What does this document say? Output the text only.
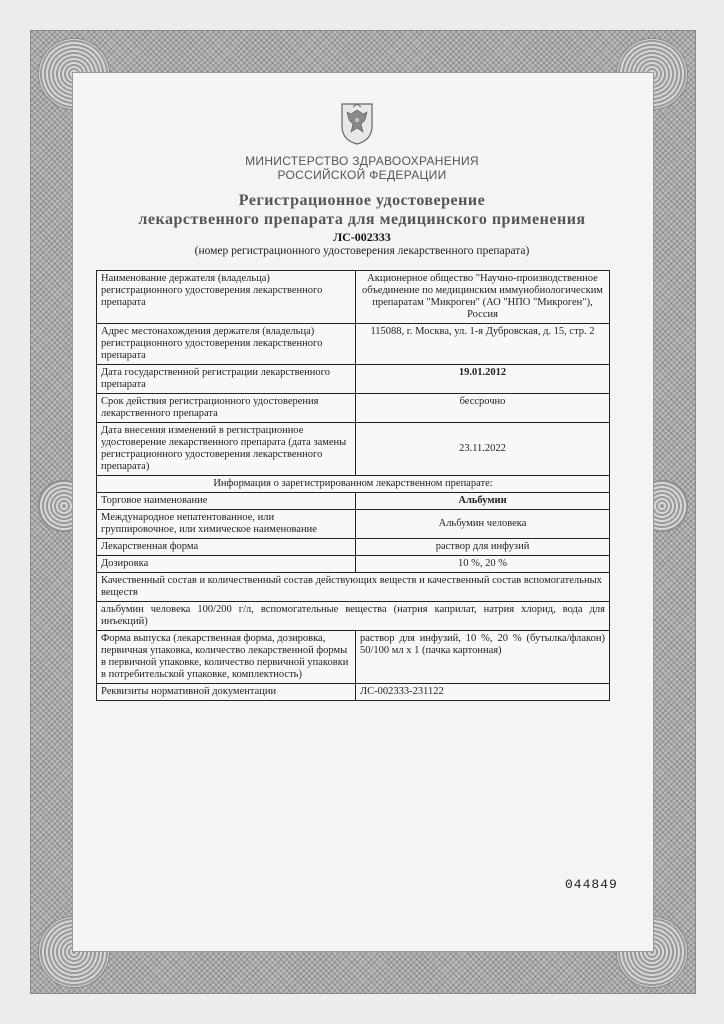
МИНИСТЕРСТВО ЗДРАВООХРАНЕНИЯ
РОССИЙСКОЙ ФЕДЕРАЦИИ
Регистрационное удостоверение
лекарственного препарата для медицинского применения
ЛС-002333
(номер регистрационного удостоверения лекарственного препарата)
Наименование держателя (владельца) регистрационного удостоверения лекарственного препарата	Акционерное общество "Научно-производственное объединение по медицинским иммунобиологическим препаратам "Микроген" (АО "НПО "Микроген"), Россия
Адрес местонахождения держателя (владельца) регистрационного удостоверения лекарственного препарата	115088, г. Москва, ул. 1-я Дубровская, д. 15, стр. 2
Дата государственной регистрации лекарственного препарата	19.01.2012
Срок действия регистрационного удостоверения лекарственного препарата	бессрочно
Дата внесения изменений в регистрационное удостоверение лекарственного препарата (дата замены регистрационного удостоверения лекарственного препарата)	23.11.2022
Информация о зарегистрированном лекарственном препарате:	
Торговое наименование	Альбумин
Международное непатентованное, или группировочное, или химическое наименование	Альбумин человека
Лекарственная форма	раствор для инфузий
Дозировка	10 %, 20 %
Качественный состав и количественный состав действующих веществ и качественный состав вспомогательных веществ	
альбумин человека 100/200 г/л, вспомогательные вещества (натрия каприлат, натрия хлорид, вода для инъекций)	
Форма выпуска (лекарственная форма, дозировка, первичная упаковка, количество лекарственной формы в первичной упаковке, количество первичной упаковки в потребительской упаковке, комплектность)	раствор для инфузий, 10 %, 20 % (бутылка/флакон) 50/100 мл x 1 (пачка картонная)
Реквизиты нормативной документации	ЛС-002333-231122
044849
